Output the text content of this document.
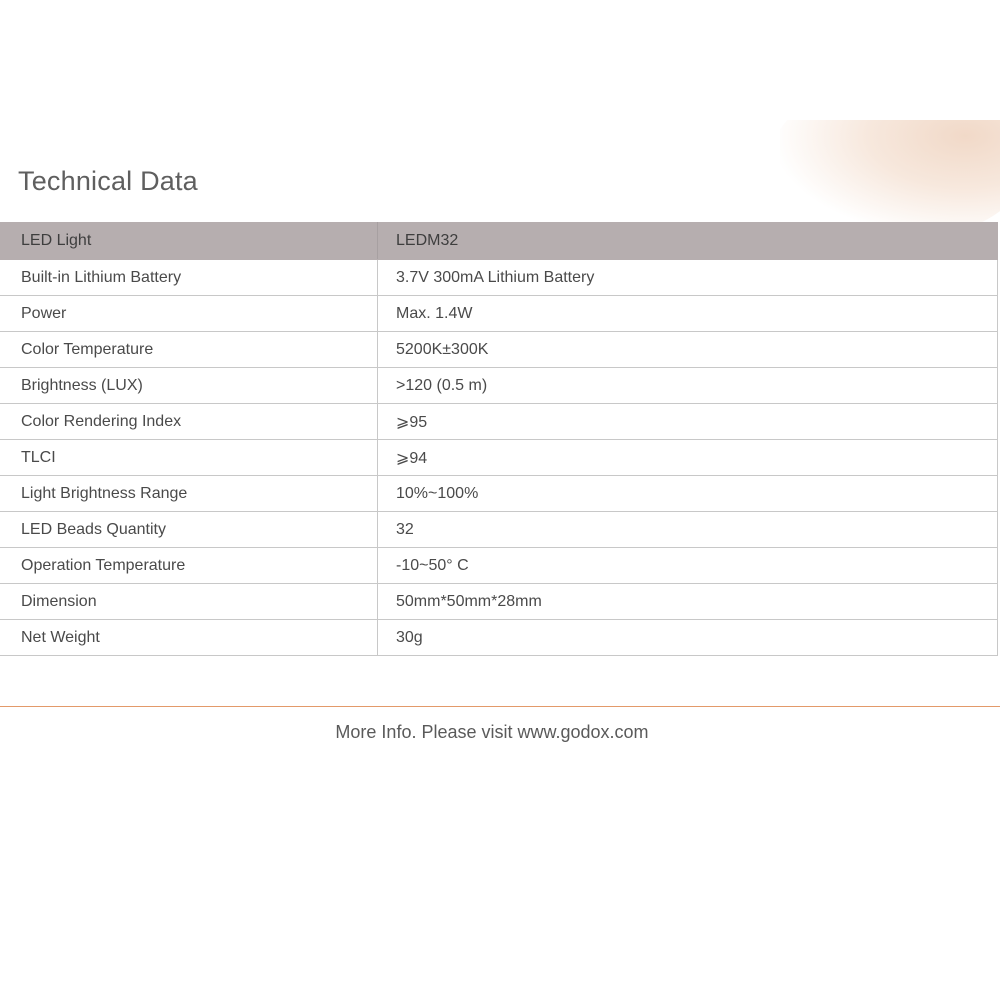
Technical Data
LED Light	LEDM32
Built-in Lithium Battery	3.7V 300mA Lithium Battery
Power	Max. 1.4W
Color Temperature	5200K±300K
Brightness (LUX)	>120 (0.5 m)
Color Rendering Index	⩾95
TLCI	⩾94
Light Brightness Range	10%~100%
LED Beads Quantity	32
Operation Temperature	-10~50° C
Dimension	50mm*50mm*28mm
Net Weight	30g
More Info. Please visit www.godox.com
